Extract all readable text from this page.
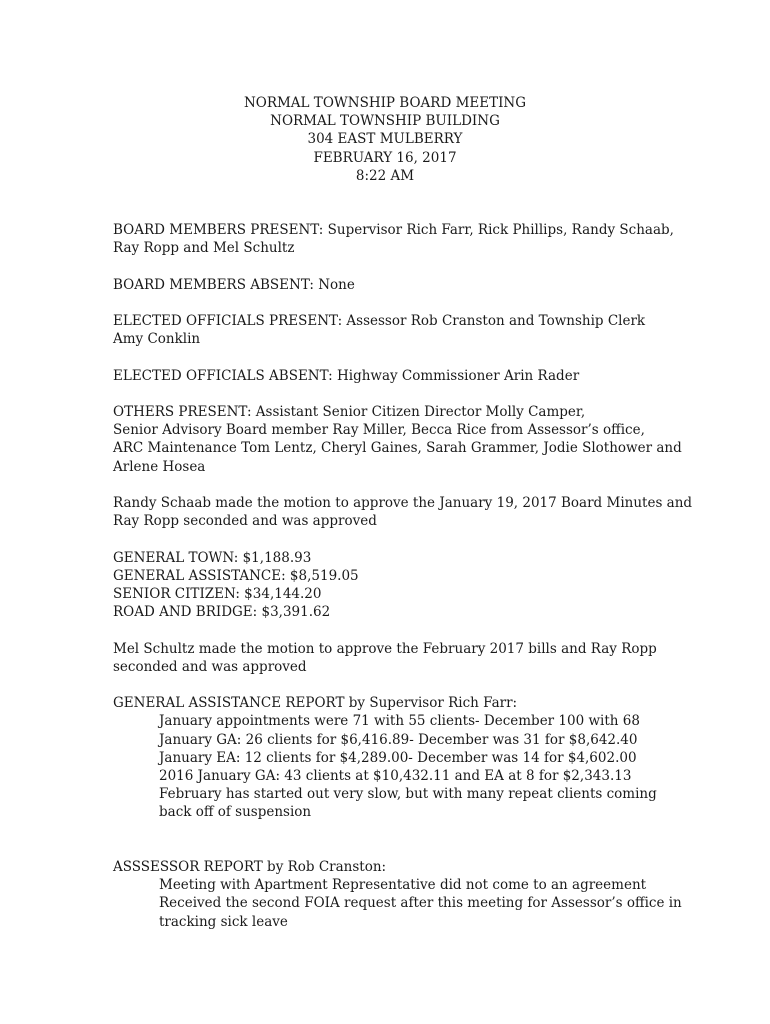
NORMAL TOWNSHIP BOARD MEETING
NORMAL TOWNSHIP BUILDING
304 EAST MULBERRY
FEBRUARY 16, 2017
8:22 AM
BOARD MEMBERS PRESENT: Supervisor Rich Farr, Rick Phillips, Randy Schaab,
Ray Ropp and Mel Schultz
BOARD MEMBERS ABSENT: None
ELECTED OFFICIALS PRESENT: Assessor Rob Cranston and Township Clerk
Amy Conklin
ELECTED OFFICIALS ABSENT: Highway Commissioner Arin Rader
OTHERS PRESENT: Assistant Senior Citizen Director Molly Camper,
Senior Advisory Board member Ray Miller, Becca Rice from Assessor’s office,
ARC Maintenance Tom Lentz, Cheryl Gaines, Sarah Grammer, Jodie Slothower and
Arlene Hosea
Randy Schaab made the motion to approve the January 19, 2017 Board Minutes and
Ray Ropp seconded and was approved
GENERAL TOWN: $1,188.93
GENERAL ASSISTANCE: $8,519.05
SENIOR CITIZEN: $34,144.20
ROAD AND BRIDGE: $3,391.62
Mel Schultz made the motion to approve the February 2017 bills and Ray Ropp
seconded and was approved
GENERAL ASSISTANCE REPORT by Supervisor Rich Farr:
January appointments were 71 with 55 clients- December 100 with 68
January GA: 26 clients for $6,416.89- December was 31 for $8,642.40
January EA: 12 clients for $4,289.00- December was 14 for $4,602.00
2016 January GA: 43 clients at $10,432.11 and EA at 8 for $2,343.13
February has started out very slow, but with many repeat clients coming
back off of suspension
ASSSESSOR REPORT by Rob Cranston:
Meeting with Apartment Representative did not come to an agreement
Received the second FOIA request after this meeting for Assessor’s office in
tracking sick leave
